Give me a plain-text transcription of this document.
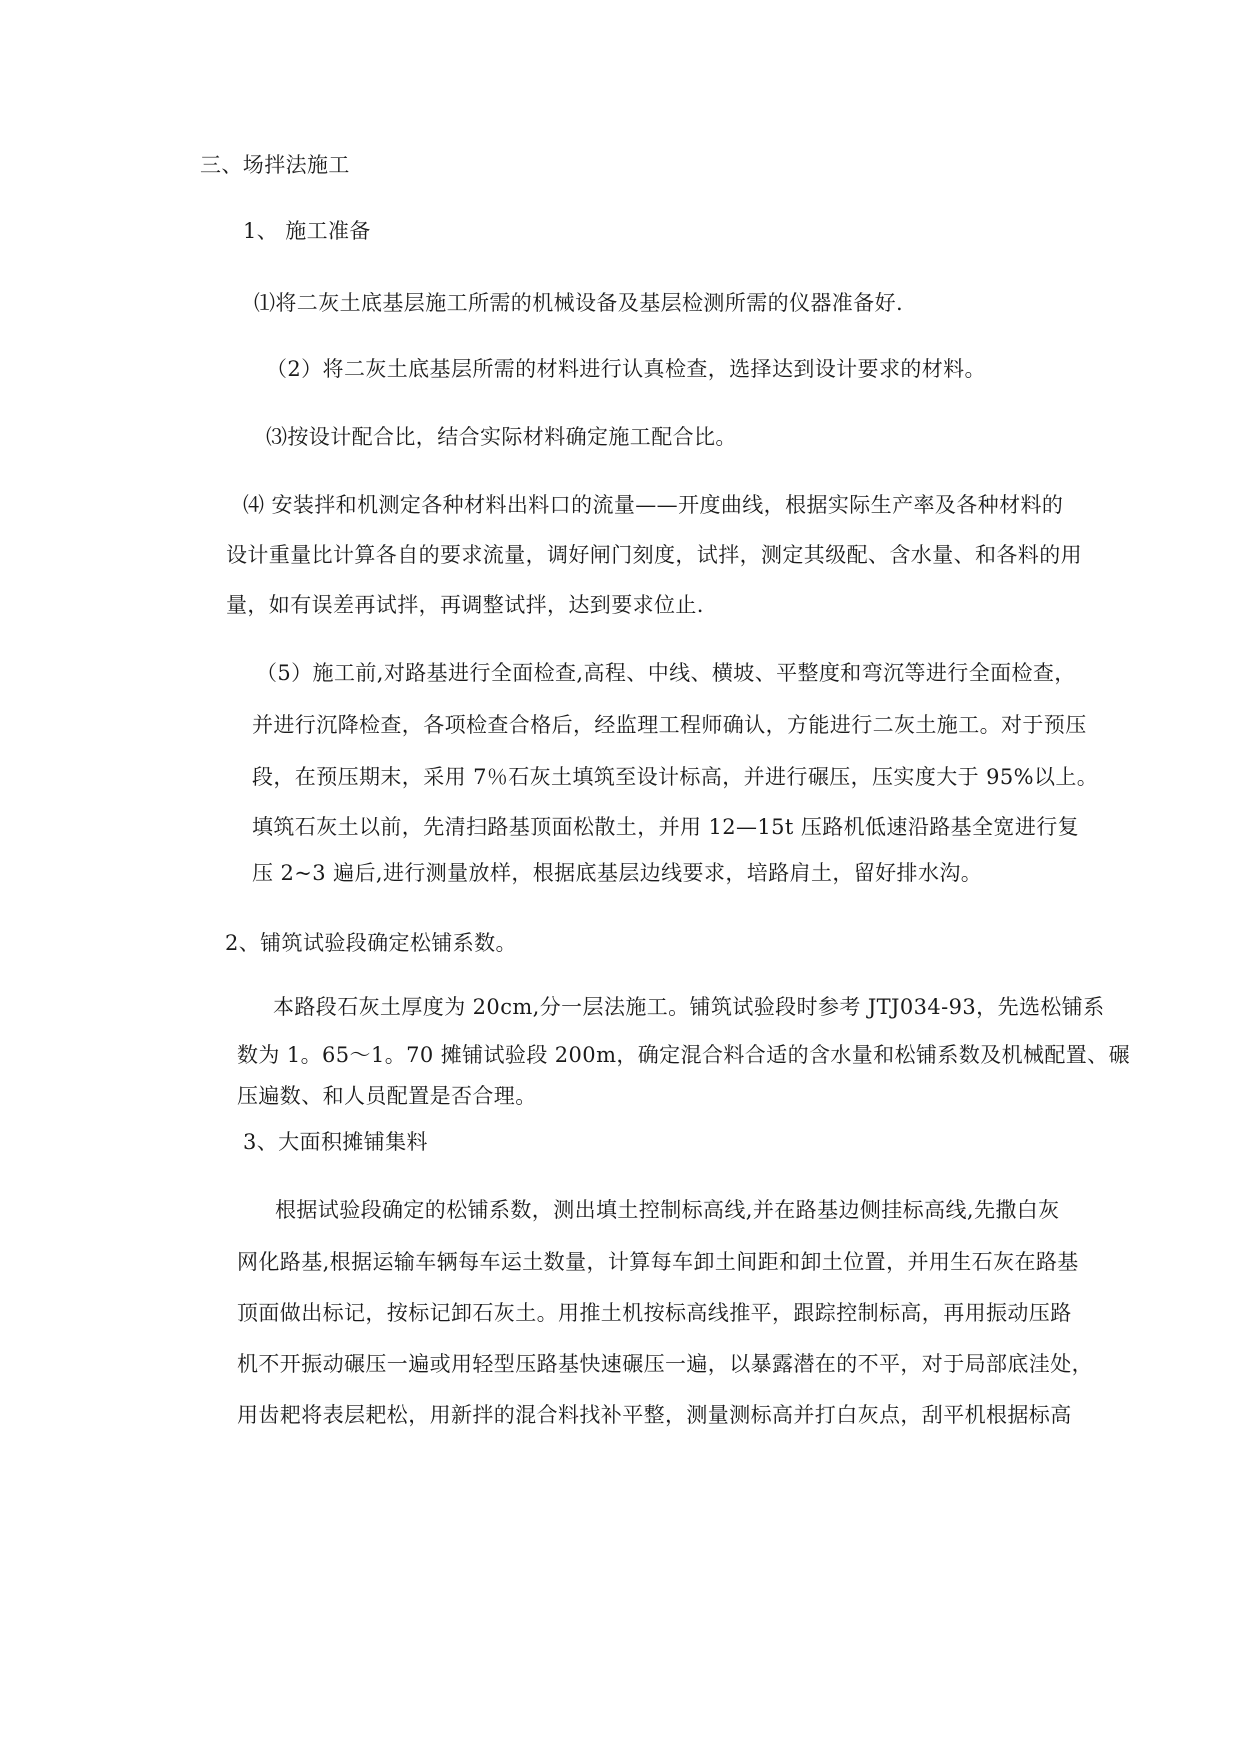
三、场拌法施工
1、 施工准备
⑴将二灰土底基层施工所需的机械设备及基层检测所需的仪器准备好.
（2）将二灰土底基层所需的材料进行认真检查，选择达到设计要求的材料。
⑶按设计配合比，结合实际材料确定施工配合比。
⑷ 安装拌和机测定各种材料出料口的流量——开度曲线，根据实际生产率及各种材料的
设计重量比计算各自的要求流量，调好闸门刻度，试拌，测定其级配、含水量、和各料的用
量，如有误差再试拌，再调整试拌，达到要求位止.
（5）施工前,对路基进行全面检查,高程、中线、横坡、平整度和弯沉等进行全面检查，
并进行沉降检查，各项检查合格后，经监理工程师确认，方能进行二灰土施工。对于预压
段，在预压期末，采用 7％石灰土填筑至设计标高，并进行碾压，压实度大于 95%以上。
填筑石灰土以前，先清扫路基顶面松散土，并用 12—15t 压路机低速沿路基全宽进行复
压 2~3 遍后,进行测量放样，根据底基层边线要求，培路肩土，留好排水沟。
2、铺筑试验段确定松铺系数。
本路段石灰土厚度为 20cm,分一层法施工。铺筑试验段时参考 JTJ034-93，先选松铺系
数为 1。65～1。70 摊铺试验段 200m，确定混合料合适的含水量和松铺系数及机械配置、碾
压遍数、和人员配置是否合理。
3、大面积摊铺集料
根据试验段确定的松铺系数，测出填土控制标高线,并在路基边侧挂标高线,先撒白灰
网化路基,根据运输车辆每车运土数量，计算每车卸土间距和卸土位置，并用生石灰在路基
顶面做出标记，按标记卸石灰土。用推土机按标高线推平，跟踪控制标高，再用振动压路
机不开振动碾压一遍或用轻型压路基快速碾压一遍，以暴露潜在的不平，对于局部底洼处，
用齿耙将表层耙松，用新拌的混合料找补平整，测量测标高并打白灰点，刮平机根据标高
